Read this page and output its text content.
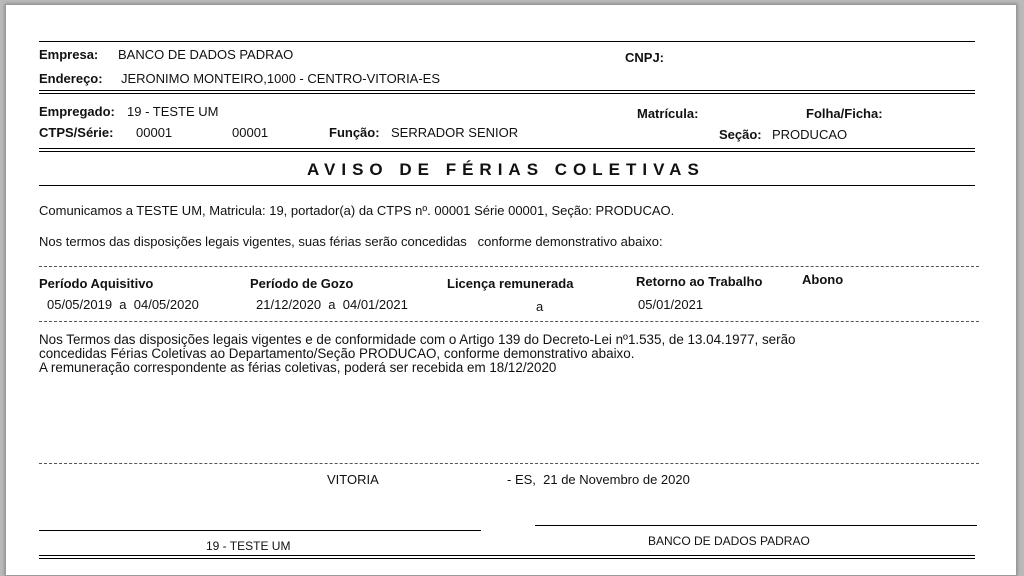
Empresa: BANCO DE DADOS PADRAO	CNPJ:
Endereço: JERONIMO MONTEIRO,1000 - CENTRO-VITORIA-ES
Empregado: 19 - TESTE UM	Matrícula:	Folha/Ficha:
CTPS/Série: 00001	00001	Função: SERRADOR SENIOR	Seção: PRODUCAO
AVISO DE FÉRIAS COLETIVAS
Comunicamos a TESTE UM, Matricula: 19, portador(a) da CTPS nº. 00001 Série 00001, Seção: PRODUCAO.
Nos termos das disposições legais vigentes, suas férias serão concedidas   conforme demonstrativo abaixo:
Período Aquisitivo	Período de Gozo	Licença remunerada	Retorno ao Trabalho	Abono
05/05/2019  a  04/05/2020	21/12/2020  a  04/01/2021	a	05/01/2021
Nos Termos das disposições legais vigentes e de conformidade com o Artigo 139 do Decreto-Lei nº1.535, de 13.04.1977, serão
concedidas Férias Coletivas ao Departamento/Seção PRODUCAO, conforme demonstrativo abaixo.
A remuneração correspondente as férias coletivas, poderá ser recebida em 18/12/2020
VITORIA	- ES,  21 de Novembro de 2020
19 - TESTE UM	BANCO DE DADOS PADRAO
